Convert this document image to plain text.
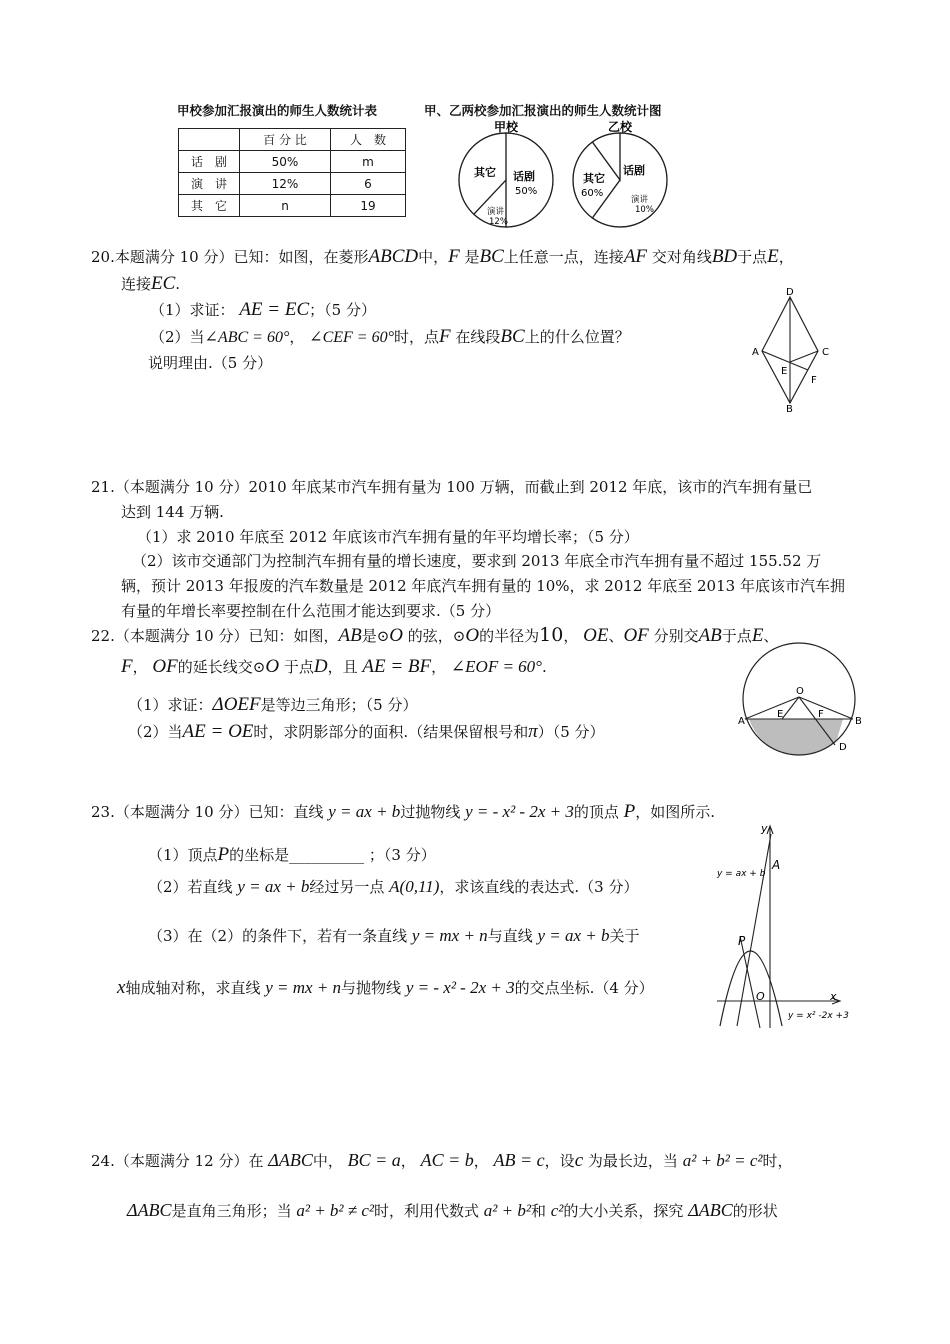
甲校参加汇报演出的师生人数统计表	甲、乙两校参加汇报演出的师生人数统计图
	百 分 比	人　数
话　剧	50%	m
演　讲	12%	6
其　它	n	19
甲校
其它 话剧
50%
演讲
12%
乙校
其它
60%
话剧
演讲
10%
20.本题满分 10 分）已知：如图，在菱形ABCD中，F 是BC上任意一点，连接AF 交对角线BD于点E，
连接EC.
（1）求证： AE = EC；（5 分）
（2）当∠ABC = 60°， ∠CEF = 60°时，点F 在线段BC上的什么位置？
说明理由.（5 分）
D
A	C
E
F
B
21.（本题满分 10 分）2010 年底某市汽车拥有量为 100 万辆，而截止到 2012 年底，该市的汽车拥有量已
达到 144 万辆.
（1）求 2010 年底至 2012 年底该市汽车拥有量的年平均增长率；（5 分）
（2）该市交通部门为控制汽车拥有量的增长速度，要求到 2013 年底全市汽车拥有量不超过 155.52 万
辆，预计 2013 年报废的汽车数量是 2012 年底汽车拥有量的 10%，求 2012 年底至 2013 年底该市汽车拥
有量的年增长率要控制在什么范围才能达到要求.（5 分）
22.（本题满分 10 分）已知：如图，AB是⊙O 的弦，⊙O的半径为10， OE、OF 分别交AB于点E、
F， OF的延长线交⊙O 于点D，且 AE = BF， ∠EOF = 60°.
（1）求证：ΔOEF是等边三角形；（5 分）
（2）当AE = OE时，求阴影部分的面积.（结果保留根号和π）（5 分）
O
A
E	F
B
D
23.（本题满分 10 分）已知：直线 y = ax + b过抛物线 y = - x² - 2x + 3的顶点 P，如图所示.
（1）顶点P的坐标是__________ ；（3 分）
（2）若直线 y = ax + b经过另一点 A(0,11)，求该直线的表达式.（3 分）
（3）在（2）的条件下，若有一条直线 y = mx + n与直线 y = ax + b关于
x轴成轴对称，求直线 y = mx + n与抛物线 y = - x² - 2x + 3的交点坐标.（4 分）
y
A
y = ax + b
P
O	x
y = x² -2x +3
24.（本题满分 12 分）在 ΔABC中， BC = a， AC = b， AB = c，设c 为最长边，当 a² + b² = c²时，
ΔABC是直角三角形；当 a² + b² ≠ c²时，利用代数式 a² + b²和 c²的大小关系，探究 ΔABC的形状
